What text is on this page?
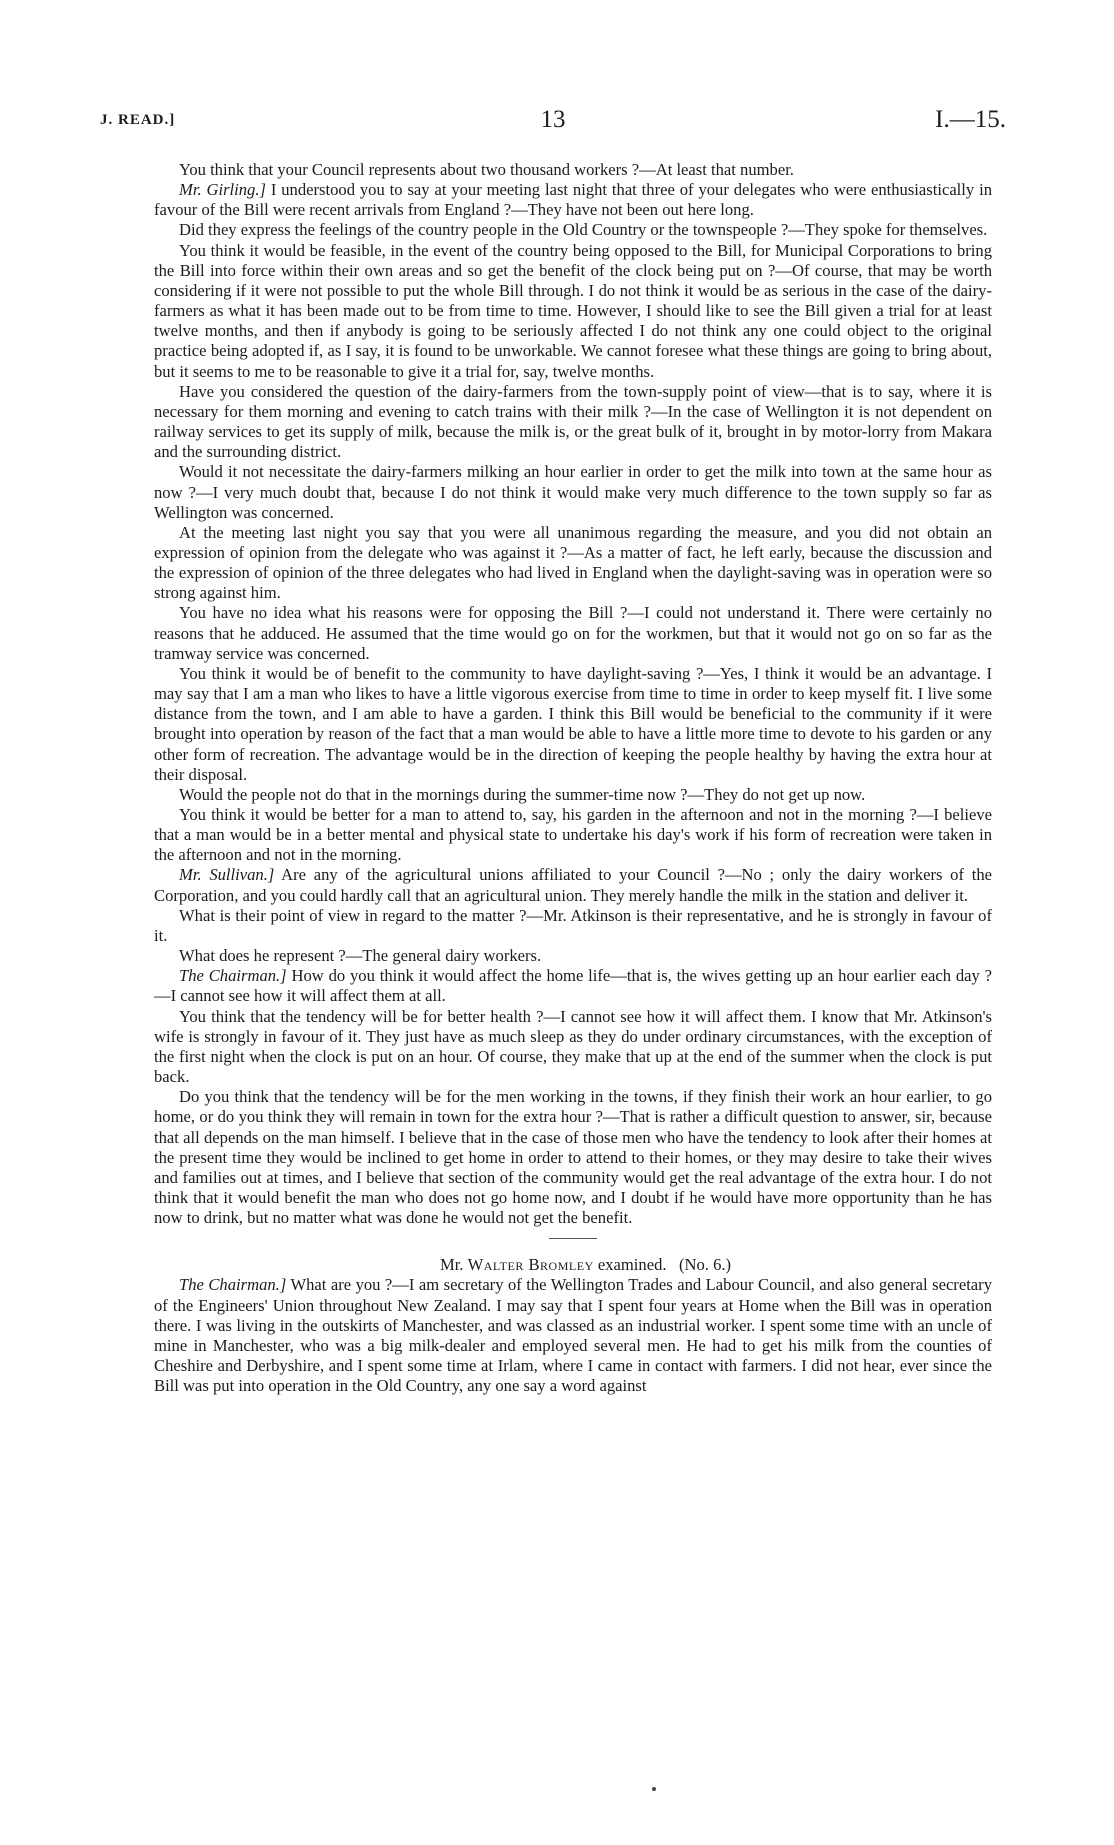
J. READ.]	13	I.—15.

You think that your Council represents about two thousand workers ?—At least that number.

Mr. Girling.] I understood you to say at your meeting last night that three of your delegates who were enthusiastically in favour of the Bill were recent arrivals from England ?—They have not been out here long.

Did they express the feelings of the country people in the Old Country or the townspeople ?—They spoke for themselves.

You think it would be feasible, in the event of the country being opposed to the Bill, for Municipal Corporations to bring the Bill into force within their own areas and so get the benefit of the clock being put on ?—Of course, that may be worth considering if it were not possible to put the whole Bill through. I do not think it would be as serious in the case of the dairy-farmers as what it has been made out to be from time to time. However, I should like to see the Bill given a trial for at least twelve months, and then if anybody is going to be seriously affected I do not think any one could object to the original practice being adopted if, as I say, it is found to be unworkable. We cannot foresee what these things are going to bring about, but it seems to me to be reasonable to give it a trial for, say, twelve months.

Have you considered the question of the dairy-farmers from the town-supply point of view—that is to say, where it is necessary for them morning and evening to catch trains with their milk ?—In the case of Wellington it is not dependent on railway services to get its supply of milk, because the milk is, or the great bulk of it, brought in by motor-lorry from Makara and the surrounding district.

Would it not necessitate the dairy-farmers milking an hour earlier in order to get the milk into town at the same hour as now ?—I very much doubt that, because I do not think it would make very much difference to the town supply so far as Wellington was concerned.

At the meeting last night you say that you were all unanimous regarding the measure, and you did not obtain an expression of opinion from the delegate who was against it ?—As a matter of fact, he left early, because the discussion and the expression of opinion of the three delegates who had lived in England when the daylight-saving was in operation were so strong against him.

You have no idea what his reasons were for opposing the Bill ?—I could not understand it. There were certainly no reasons that he adduced. He assumed that the time would go on for the workmen, but that it would not go on so far as the tramway service was concerned.

You think it would be of benefit to the community to have daylight-saving ?—Yes, I think it would be an advantage. I may say that I am a man who likes to have a little vigorous exercise from time to time in order to keep myself fit. I live some distance from the town, and I am able to have a garden. I think this Bill would be beneficial to the community if it were brought into operation by reason of the fact that a man would be able to have a little more time to devote to his garden or any other form of recreation. The advantage would be in the direction of keeping the people healthy by having the extra hour at their disposal.

Would the people not do that in the mornings during the summer-time now ?—They do not get up now.

You think it would be better for a man to attend to, say, his garden in the afternoon and not in the morning ?—I believe that a man would be in a better mental and physical state to undertake his day's work if his form of recreation were taken in the afternoon and not in the morning.

Mr. Sullivan.] Are any of the agricultural unions affiliated to your Council ?—No ; only the dairy workers of the Corporation, and you could hardly call that an agricultural union. They merely handle the milk in the station and deliver it.

What is their point of view in regard to the matter ?—Mr. Atkinson is their representative, and he is strongly in favour of it.

What does he represent ?—The general dairy workers.

The Chairman.] How do you think it would affect the home life—that is, the wives getting up an hour earlier each day ?—I cannot see how it will affect them at all.

You think that the tendency will be for better health ?—I cannot see how it will affect them. I know that Mr. Atkinson's wife is strongly in favour of it. They just have as much sleep as they do under ordinary circumstances, with the exception of the first night when the clock is put on an hour. Of course, they make that up at the end of the summer when the clock is put back.

Do you think that the tendency will be for the men working in the towns, if they finish their work an hour earlier, to go home, or do you think they will remain in town for the extra hour ?—That is rather a difficult question to answer, sir, because that all depends on the man himself. I believe that in the case of those men who have the tendency to look after their homes at the present time they would be inclined to get home in order to attend to their homes, or they may desire to take their wives and families out at times, and I believe that section of the community would get the real advantage of the extra hour. I do not think that it would benefit the man who does not go home now, and I doubt if he would have more opportunity than he has now to drink, but no matter what was done he would not get the benefit.

Mr. Walter Bromley examined. (No. 6.)

The Chairman.] What are you ?—I am secretary of the Wellington Trades and Labour Council, and also general secretary of the Engineers' Union throughout New Zealand. I may say that I spent four years at Home when the Bill was in operation there. I was living in the outskirts of Manchester, and was classed as an industrial worker. I spent some time with an uncle of mine in Manchester, who was a big milk-dealer and employed several men. He had to get his milk from the counties of Cheshire and Derbyshire, and I spent some time at Irlam, where I came in contact with farmers. I did not hear, ever since the Bill was put into operation in the Old Country, any one say a word against
